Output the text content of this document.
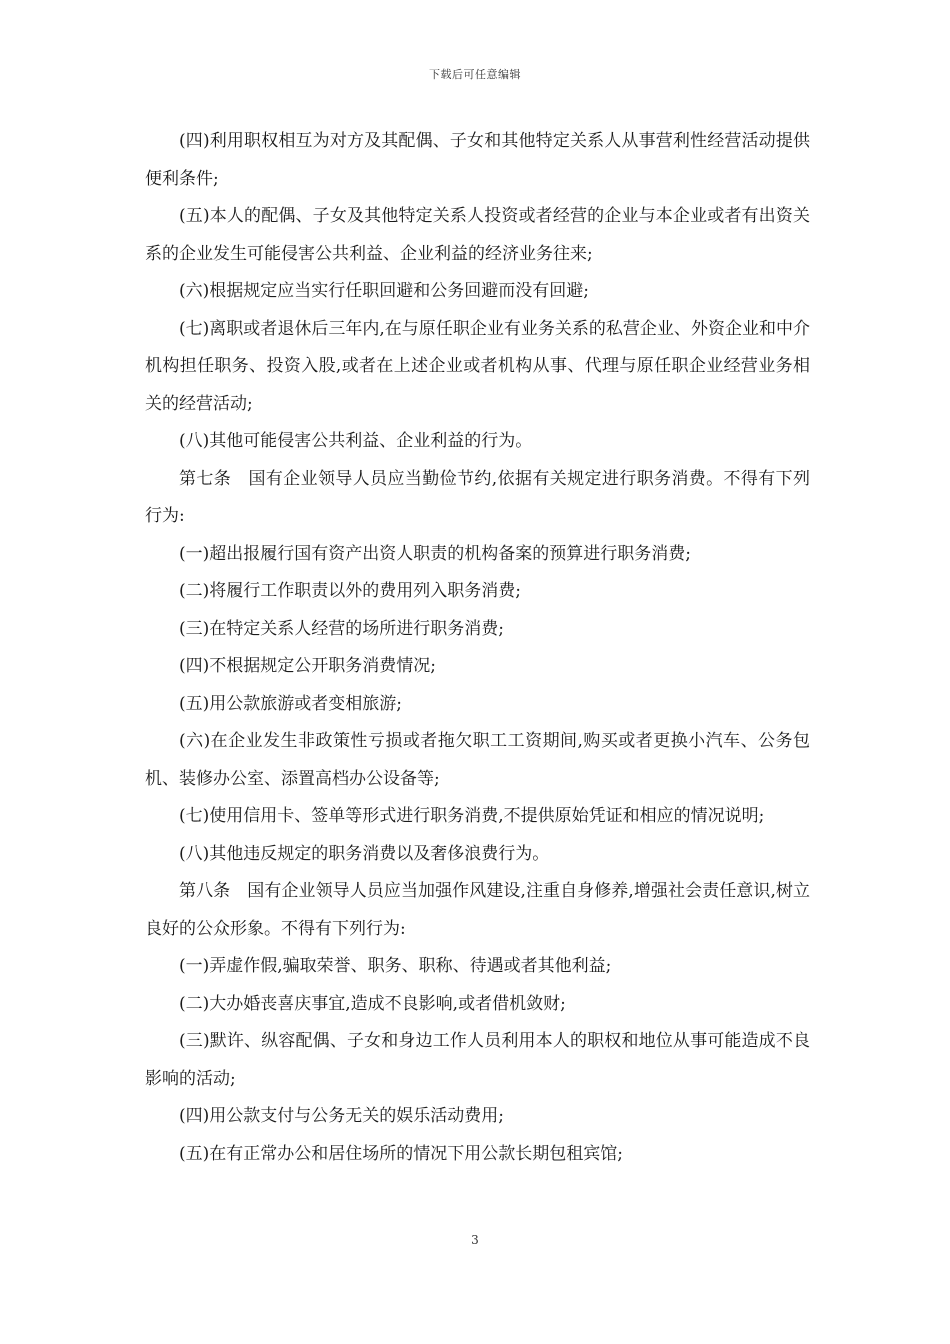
下载后可任意编辑

(四)利用职权相互为对方及其配偶、子女和其他特定关系人从事营利性经营活动提供便利条件;

(五)本人的配偶、子女及其他特定关系人投资或者经营的企业与本企业或者有出资关系的企业发生可能侵害公共利益、企业利益的经济业务往来;

(六)根据规定应当实行任职回避和公务回避而没有回避;

(七)离职或者退休后三年内,在与原任职企业有业务关系的私营企业、外资企业和中介机构担任职务、投资入股,或者在上述企业或者机构从事、代理与原任职企业经营业务相关的经营活动;

(八)其他可能侵害公共利益、企业利益的行为。

第七条　国有企业领导人员应当勤俭节约,依据有关规定进行职务消费。不得有下列行为:

(一)超出报履行国有资产出资人职责的机构备案的预算进行职务消费;

(二)将履行工作职责以外的费用列入职务消费;

(三)在特定关系人经营的场所进行职务消费;

(四)不根据规定公开职务消费情况;

(五)用公款旅游或者变相旅游;

(六)在企业发生非政策性亏损或者拖欠职工工资期间,购买或者更换小汽车、公务包机、装修办公室、添置高档办公设备等;

(七)使用信用卡、签单等形式进行职务消费,不提供原始凭证和相应的情况说明;

(八)其他违反规定的职务消费以及奢侈浪费行为。

第八条　国有企业领导人员应当加强作风建设,注重自身修养,增强社会责任意识,树立良好的公众形象。不得有下列行为:

(一)弄虚作假,骗取荣誉、职务、职称、待遇或者其他利益;

(二)大办婚丧喜庆事宜,造成不良影响,或者借机敛财;

(三)默许、纵容配偶、子女和身边工作人员利用本人的职权和地位从事可能造成不良影响的活动;

(四)用公款支付与公务无关的娱乐活动费用;

(五)在有正常办公和居住场所的情况下用公款长期包租宾馆;

3
